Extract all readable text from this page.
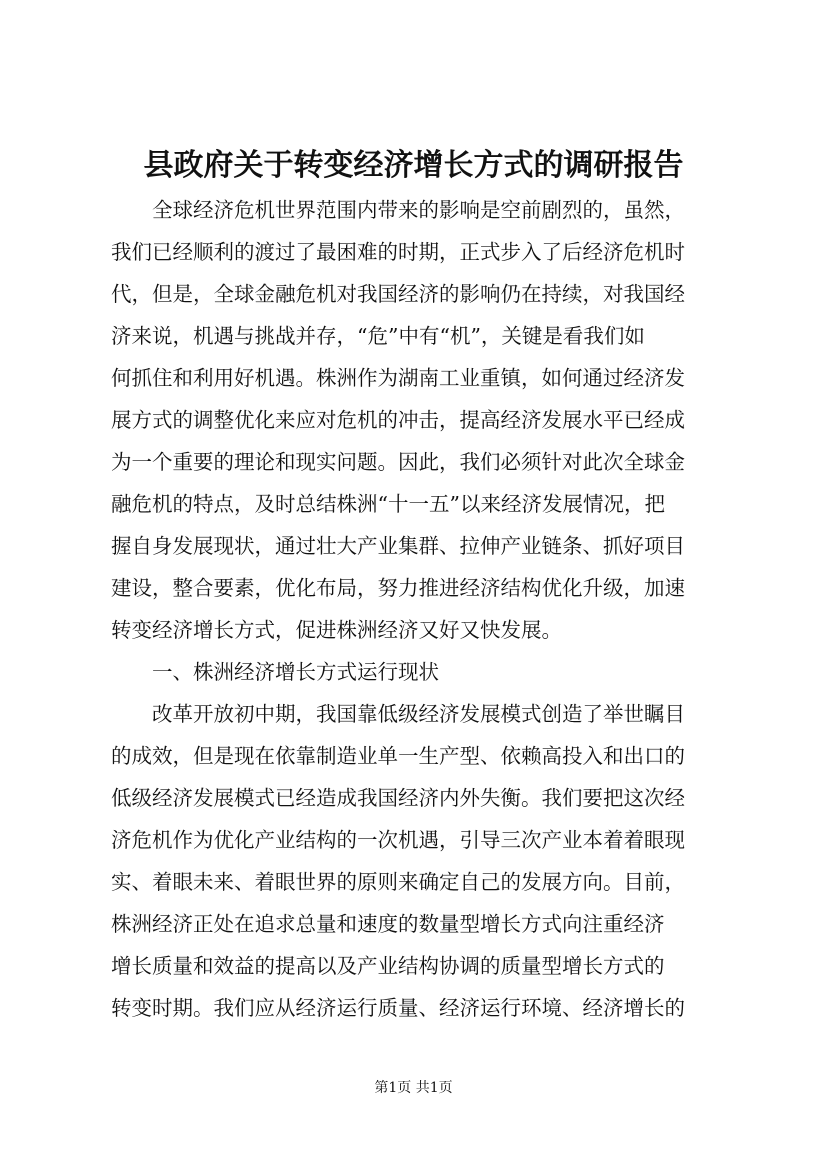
县政府关于转变经济增长方式的调研报告
全球经济危机世界范围内带来的影响是空前剧烈的，虽然，
我们已经顺利的渡过了最困难的时期，正式步入了后经济危机时
代，但是，全球金融危机对我国经济的影响仍在持续，对我国经
济来说，机遇与挑战并存，“危”中有“机”，关键是看我们如
何抓住和利用好机遇。株洲作为湖南工业重镇，如何通过经济发
展方式的调整优化来应对危机的冲击，提高经济发展水平已经成
为一个重要的理论和现实问题。因此，我们必须针对此次全球金
融危机的特点，及时总结株洲“十一五”以来经济发展情况，把
握自身发展现状，通过壮大产业集群、拉伸产业链条、抓好项目
建设，整合要素，优化布局，努力推进经济结构优化升级，加速
转变经济增长方式，促进株洲经济又好又快发展。
一、株洲经济增长方式运行现状
改革开放初中期，我国靠低级经济发展模式创造了举世瞩目
的成效，但是现在依靠制造业单一生产型、依赖高投入和出口的
低级经济发展模式已经造成我国经济内外失衡。我们要把这次经
济危机作为优化产业结构的一次机遇，引导三次产业本着着眼现
实、着眼未来、着眼世界的原则来确定自己的发展方向。目前，
株洲经济正处在追求总量和速度的数量型增长方式向注重经济
增长质量和效益的提高以及产业结构协调的质量型增长方式的
转变时期。我们应从经济运行质量、经济运行环境、经济增长的
第1页 共1页
